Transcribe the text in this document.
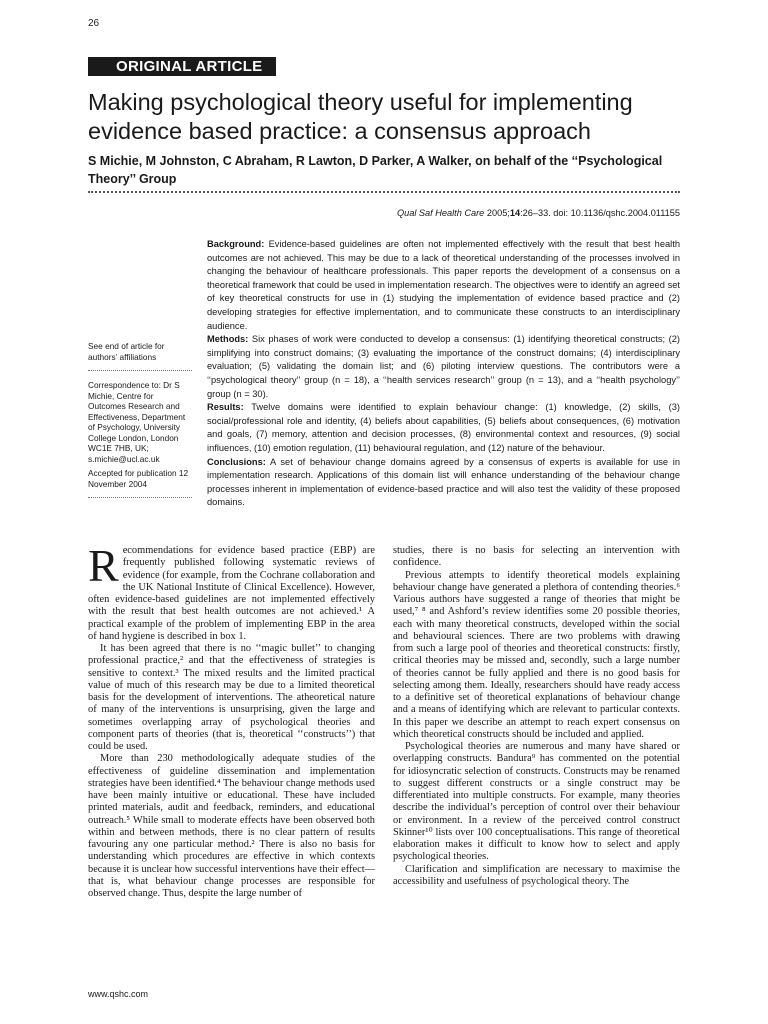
26
ORIGINAL ARTICLE
Making psychological theory useful for implementing evidence based practice: a consensus approach

S Michie, M Johnston, C Abraham, R Lawton, D Parker, A Walker, on behalf of the ‘‘Psychological Theory’’ Group

Qual Saf Health Care 2005;14:26–33. doi: 10.1136/qshc.2004.011155

Background: Evidence-based guidelines are often not implemented effectively with the result that best health outcomes are not achieved. This may be due to a lack of theoretical understanding of the processes involved in changing the behaviour of healthcare professionals. This paper reports the development of a consensus on a theoretical framework that could be used in implementation research. The objectives were to identify an agreed set of key theoretical constructs for use in (1) studying the implementation of evidence based practice and (2) developing strategies for effective implementation, and to communicate these constructs to an interdisciplinary audience.

Methods: Six phases of work were conducted to develop a consensus: (1) identifying theoretical constructs; (2) simplifying into construct domains; (3) evaluating the importance of the construct domains; (4) interdisciplinary evaluation; (5) validating the domain list; and (6) piloting interview questions. The contributors were a ‘‘psychological theory’’ group (n = 18), a ‘‘health services research’’ group (n = 13), and a ‘‘health psychology’’ group (n = 30).

Results: Twelve domains were identified to explain behaviour change: (1) knowledge, (2) skills, (3) social/professional role and identity, (4) beliefs about capabilities, (5) beliefs about consequences, (6) motivation and goals, (7) memory, attention and decision processes, (8) environmental context and resources, (9) social influences, (10) emotion regulation, (11) behavioural regulation, and (12) nature of the behaviour.

Conclusions: A set of behaviour change domains agreed by a consensus of experts is available for use in implementation research. Applications of this domain list will enhance understanding of the behaviour change processes inherent in implementation of evidence-based practice and will also test the validity of these proposed domains.

See end of article for authors’ affiliations

Correspondence to: Dr S Michie, Centre for Outcomes Research and Effectiveness, Department of Psychology, University College London, London WC1E 7HB, UK; s.michie@ucl.ac.uk

Accepted for publication 12 November 2004

Recommendations for evidence based practice (EBP) are frequently published following systematic reviews of evidence (for example, from the Cochrane collaboration and the UK National Institute of Clinical Excellence). However, often evidence-based guidelines are not implemented effectively with the result that best health outcomes are not achieved.¹ A practical example of the problem of implementing EBP in the area of hand hygiene is described in box 1.

It has been agreed that there is no ‘‘magic bullet’’ to changing professional practice,² and that the effectiveness of strategies is sensitive to context.³ The mixed results and the limited practical value of much of this research may be due to a limited theoretical basis for the development of interventions. The atheoretical nature of many of the interventions is unsurprising, given the large and sometimes overlapping array of psychological theories and component parts of theories (that is, theoretical ‘‘constructs’’) that could be used.

More than 230 methodologically adequate studies of the effectiveness of guideline dissemination and implementation strategies have been identified.⁴ The behaviour change methods used have been mainly intuitive or educational. These have included printed materials, audit and feedback, reminders, and educational outreach.⁵ While small to moderate effects have been observed both within and between methods, there is no clear pattern of results favouring any one particular method.² There is also no basis for understanding which procedures are effective in which contexts because it is unclear how successful interventions have their effect—that is, what behaviour change processes are responsible for observed change. Thus, despite the large number of

studies, there is no basis for selecting an intervention with confidence.

Previous attempts to identify theoretical models explaining behaviour change have generated a plethora of contending theories.⁶ Various authors have suggested a range of theories that might be used,⁷ ⁸ and Ashford’s review identifies some 20 possible theories, each with many theoretical constructs, developed within the social and behavioural sciences. There are two problems with drawing from such a large pool of theories and theoretical constructs: firstly, critical theories may be missed and, secondly, such a large number of theories cannot be fully applied and there is no good basis for selecting among them. Ideally, researchers should have ready access to a definitive set of theoretical explanations of behaviour change and a means of identifying which are relevant to particular contexts. In this paper we describe an attempt to reach expert consensus on which theoretical constructs should be included and applied.

Psychological theories are numerous and many have shared or overlapping constructs. Bandura⁹ has commented on the potential for idiosyncratic selection of constructs. Constructs may be renamed to suggest different constructs or a single construct may be differentiated into multiple constructs. For example, many theories describe the individual’s perception of control over their behaviour or environment. In a review of the perceived control construct Skinner¹⁰ lists over 100 conceptualisations. This range of theoretical elaboration makes it difficult to know how to select and apply psychological theories.

Clarification and simplification are necessary to maximise the accessibility and usefulness of psychological theory. The

www.qshc.com
